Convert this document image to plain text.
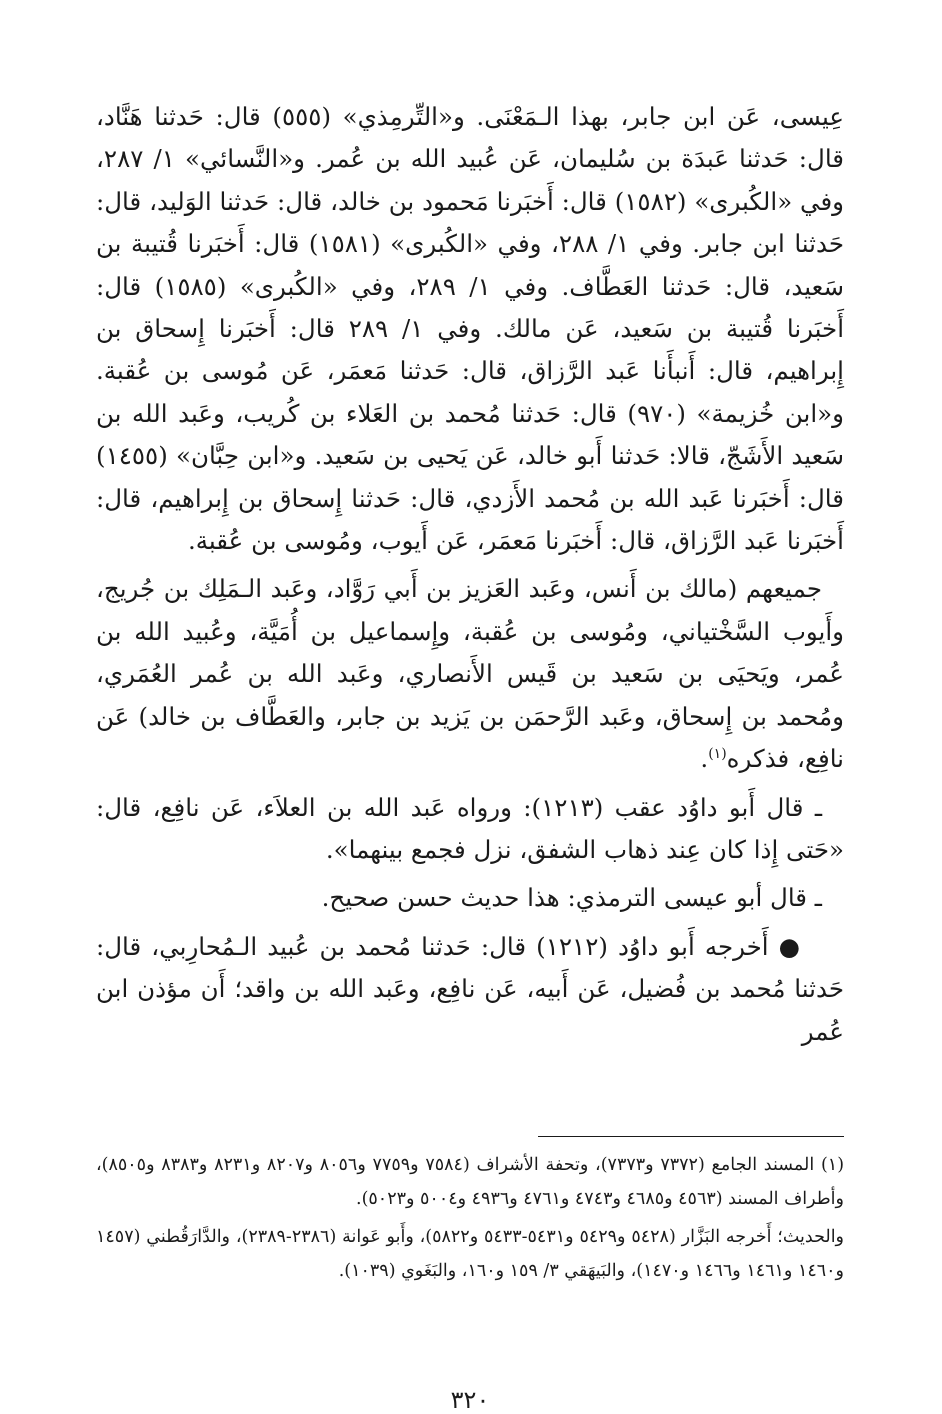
عِيسى، عَن ابن جابر، بهذا الـمَعْنَى. و«التِّرمِذي» (٥٥٥) قال: حَدثنا هَنَّاد، قال: حَدثنا عَبدَة بن سُليمان، عَن عُبيد الله بن عُمر. و«النَّسائي» ١/ ٢٨٧، وفي «الكُبرى» (١٥٨٢) قال: أَخبَرنا مَحمود بن خالد، قال: حَدثنا الوَليد، قال: حَدثنا ابن جابر. وفي ١/ ٢٨٨، وفي «الكُبرى» (١٥٨١) قال: أَخبَرنا قُتيبة بن سَعيد، قال: حَدثنا العَطَّاف. وفي ١/ ٢٨٩، وفي «الكُبرى» (١٥٨٥) قال: أَخبَرنا قُتيبة بن سَعيد، عَن مالك. وفي ١/ ٢٨٩ قال: أَخبَرنا إِسحاق بن إِبراهيم، قال: أَنبأَنا عَبد الرَّزاق، قال: حَدثنا مَعمَر، عَن مُوسى بن عُقبة. و«ابن خُزيمة» (٩٧٠) قال: حَدثنا مُحمد بن العَلاء بن كُريب، وعَبد الله بن سَعيد الأَشَجّ، قالا: حَدثنا أَبو خالد، عَن يَحيى بن سَعيد. و«ابن حِبَّان» (١٤٥٥) قال: أَخبَرنا عَبد الله بن مُحمد الأَزدي، قال: حَدثنا إِسحاق بن إِبراهيم، قال: أَخبَرنا عَبد الرَّزاق، قال: أَخبَرنا مَعمَر، عَن أَيوب، ومُوسى بن عُقبة.

جميعهم (مالك بن أَنس، وعَبد العَزيز بن أَبي رَوَّاد، وعَبد الـمَلِك بن جُريج، وأَيوب السَّخْتياني، ومُوسى بن عُقبة، وإِسماعيل بن أُمَيَّة، وعُبيد الله بن عُمر، ويَحيَى بن سَعيد بن قَيس الأَنصاري، وعَبد الله بن عُمر العُمَري، ومُحمد بن إِسحاق، وعَبد الرَّحمَن بن يَزيد بن جابر، والعَطَّاف بن خالد) عَن نافِع، فذكره$^{(١)}$.

ـ قال أَبو داوُد عقب (١٢١٣): ورواه عَبد الله بن العلاَء، عَن نافِع، قال: «حَتى إِذا كان عِند ذهاب الشفق، نزل فجمع بينهما».

ـ قال أبو عيسى الترمذي: هذا حديث حسن صحيح.

●أَخرجه أَبو داوُد (١٢١٢) قال: حَدثنا مُحمد بن عُبيد الـمُحارِبي، قال: حَدثنا مُحمد بن فُضيل، عَن أَبيه، عَن نافِع، وعَبد الله بن واقد؛ أَن مؤذن ابن عُمر

(١) المسند الجامع (٧٣٧٢ و٧٣٧٣)، وتحفة الأشراف (٧٥٨٤ و٧٧٥٩ و٨٠٥٦ و٨٢٠٧ و٨٢٣١ و٨٣٨٣ و٨٥٠٥)، وأطراف المسند (٤٥٦٣ و٤٦٨٥ و٤٧٤٣ و٤٧٦١ و٤٩٣٦ و٥٠٠٤ و٥٠٢٣).

والحديث؛ أَخرجه البَزَّار (٥٤٢٨ و٥٤٢٩ و٥٤٣١-٥٤٣٣ و٥٨٢٢)، وأَبو عَوانة (٢٣٨٦-٢٣٨٩)، والدَّارَقُطني (١٤٥٧ و١٤٦٠ و١٤٦١ و١٤٦٦ و١٤٧٠)، والبَيهَقي ٣/ ١٥٩ و١٦٠، والبَغَوي (١٠٣٩).

٣٢٠
